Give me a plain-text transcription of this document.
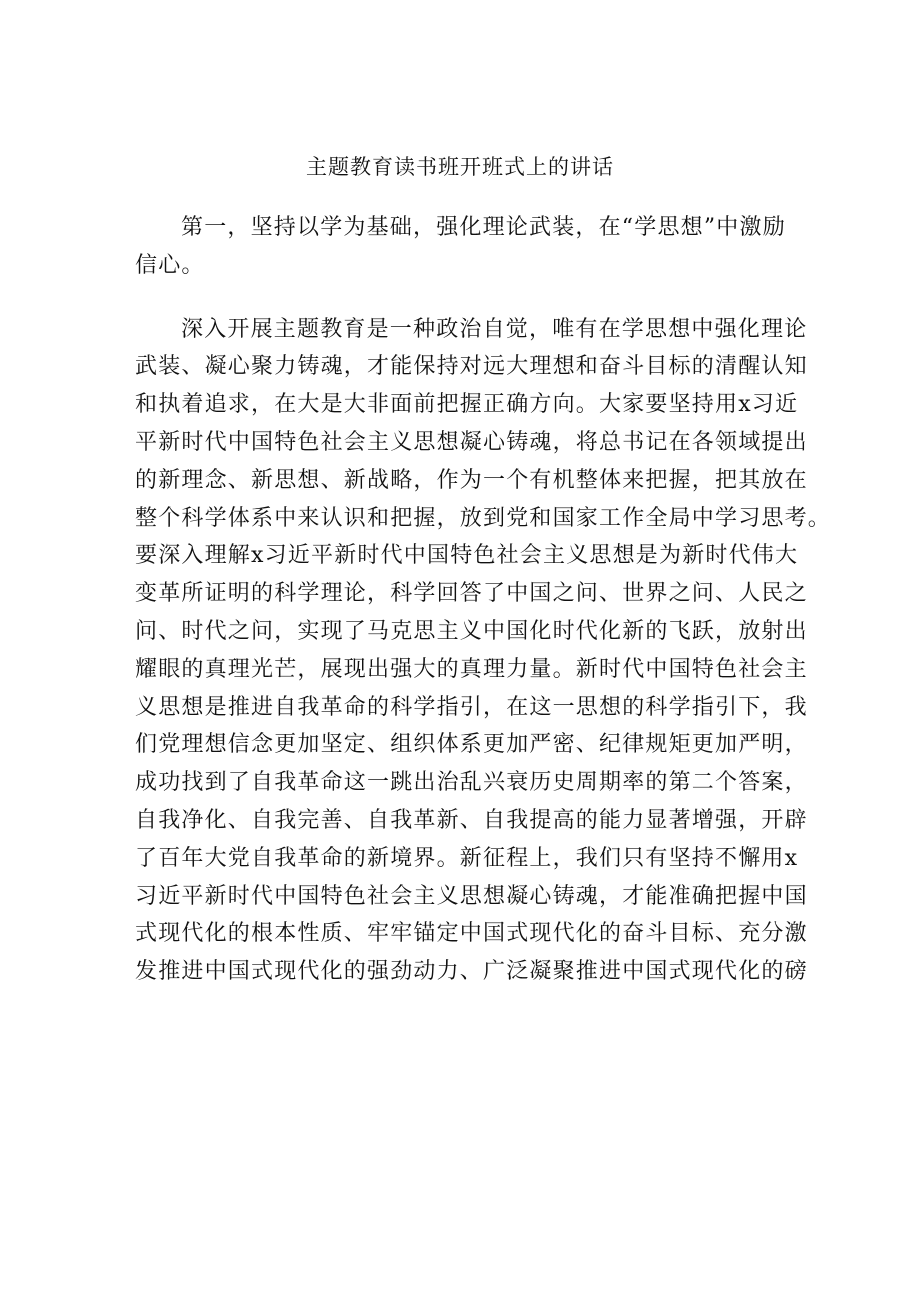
主题教育读书班开班式上的讲话
第一，坚持以学为基础，强化理论武装，在“学思想”中激励
信心。
深入开展主题教育是一种政治自觉，唯有在学思想中强化理论
武装、凝心聚力铸魂，才能保持对远大理想和奋斗目标的清醒认知
和执着追求，在大是大非面前把握正确方向。大家要坚持用x习近
平新时代中国特色社会主义思想凝心铸魂，将总书记在各领域提出
的新理念、新思想、新战略，作为一个有机整体来把握，把其放在
整个科学体系中来认识和把握，放到党和国家工作全局中学习思考。
要深入理解x习近平新时代中国特色社会主义思想是为新时代伟大
变革所证明的科学理论，科学回答了中国之问、世界之问、人民之
问、时代之问，实现了马克思主义中国化时代化新的飞跃，放射出
耀眼的真理光芒，展现出强大的真理力量。新时代中国特色社会主
义思想是推进自我革命的科学指引，在这一思想的科学指引下，我
们党理想信念更加坚定、组织体系更加严密、纪律规矩更加严明，
成功找到了自我革命这一跳出治乱兴衰历史周期率的第二个答案，
自我净化、自我完善、自我革新、自我提高的能力显著增强，开辟
了百年大党自我革命的新境界。新征程上，我们只有坚持不懈用x
习近平新时代中国特色社会主义思想凝心铸魂，才能准确把握中国
式现代化的根本性质、牢牢锚定中国式现代化的奋斗目标、充分激
发推进中国式现代化的强劲动力、广泛凝聚推进中国式现代化的磅
